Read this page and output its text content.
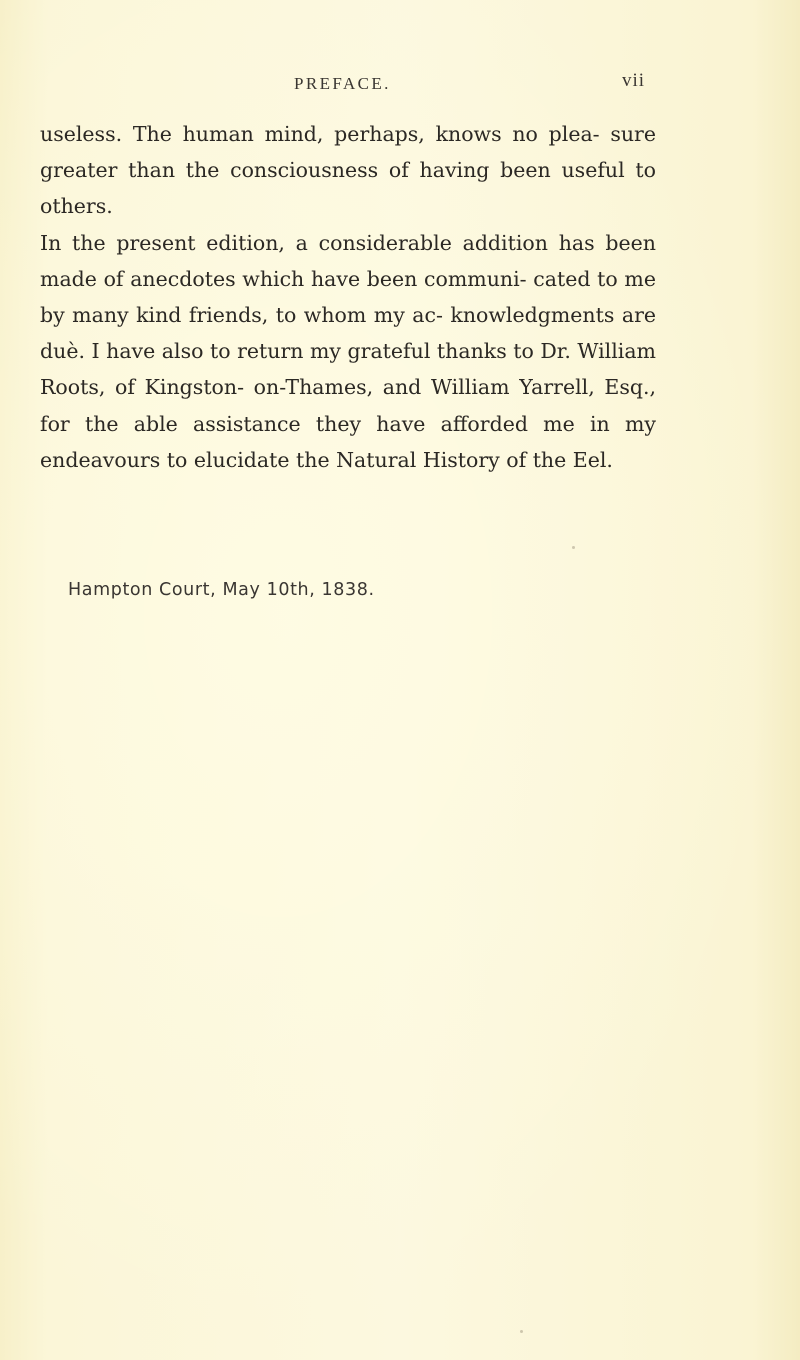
PREFACE.	vii

useless. The human mind, perhaps, knows no plea- sure greater than the consciousness of having been useful to others.

In the present edition, a considerable addition has been made of anecdotes which have been communi- cated to me by many kind friends, to whom my ac- knowledgments are duè. I have also to return my grateful thanks to Dr. William Roots, of Kingston- on-Thames, and William Yarrell, Esq., for the able assistance they have afforded me in my endeavours to elucidate the Natural History of the Eel.

Hampton Court, May 10th, 1838.
